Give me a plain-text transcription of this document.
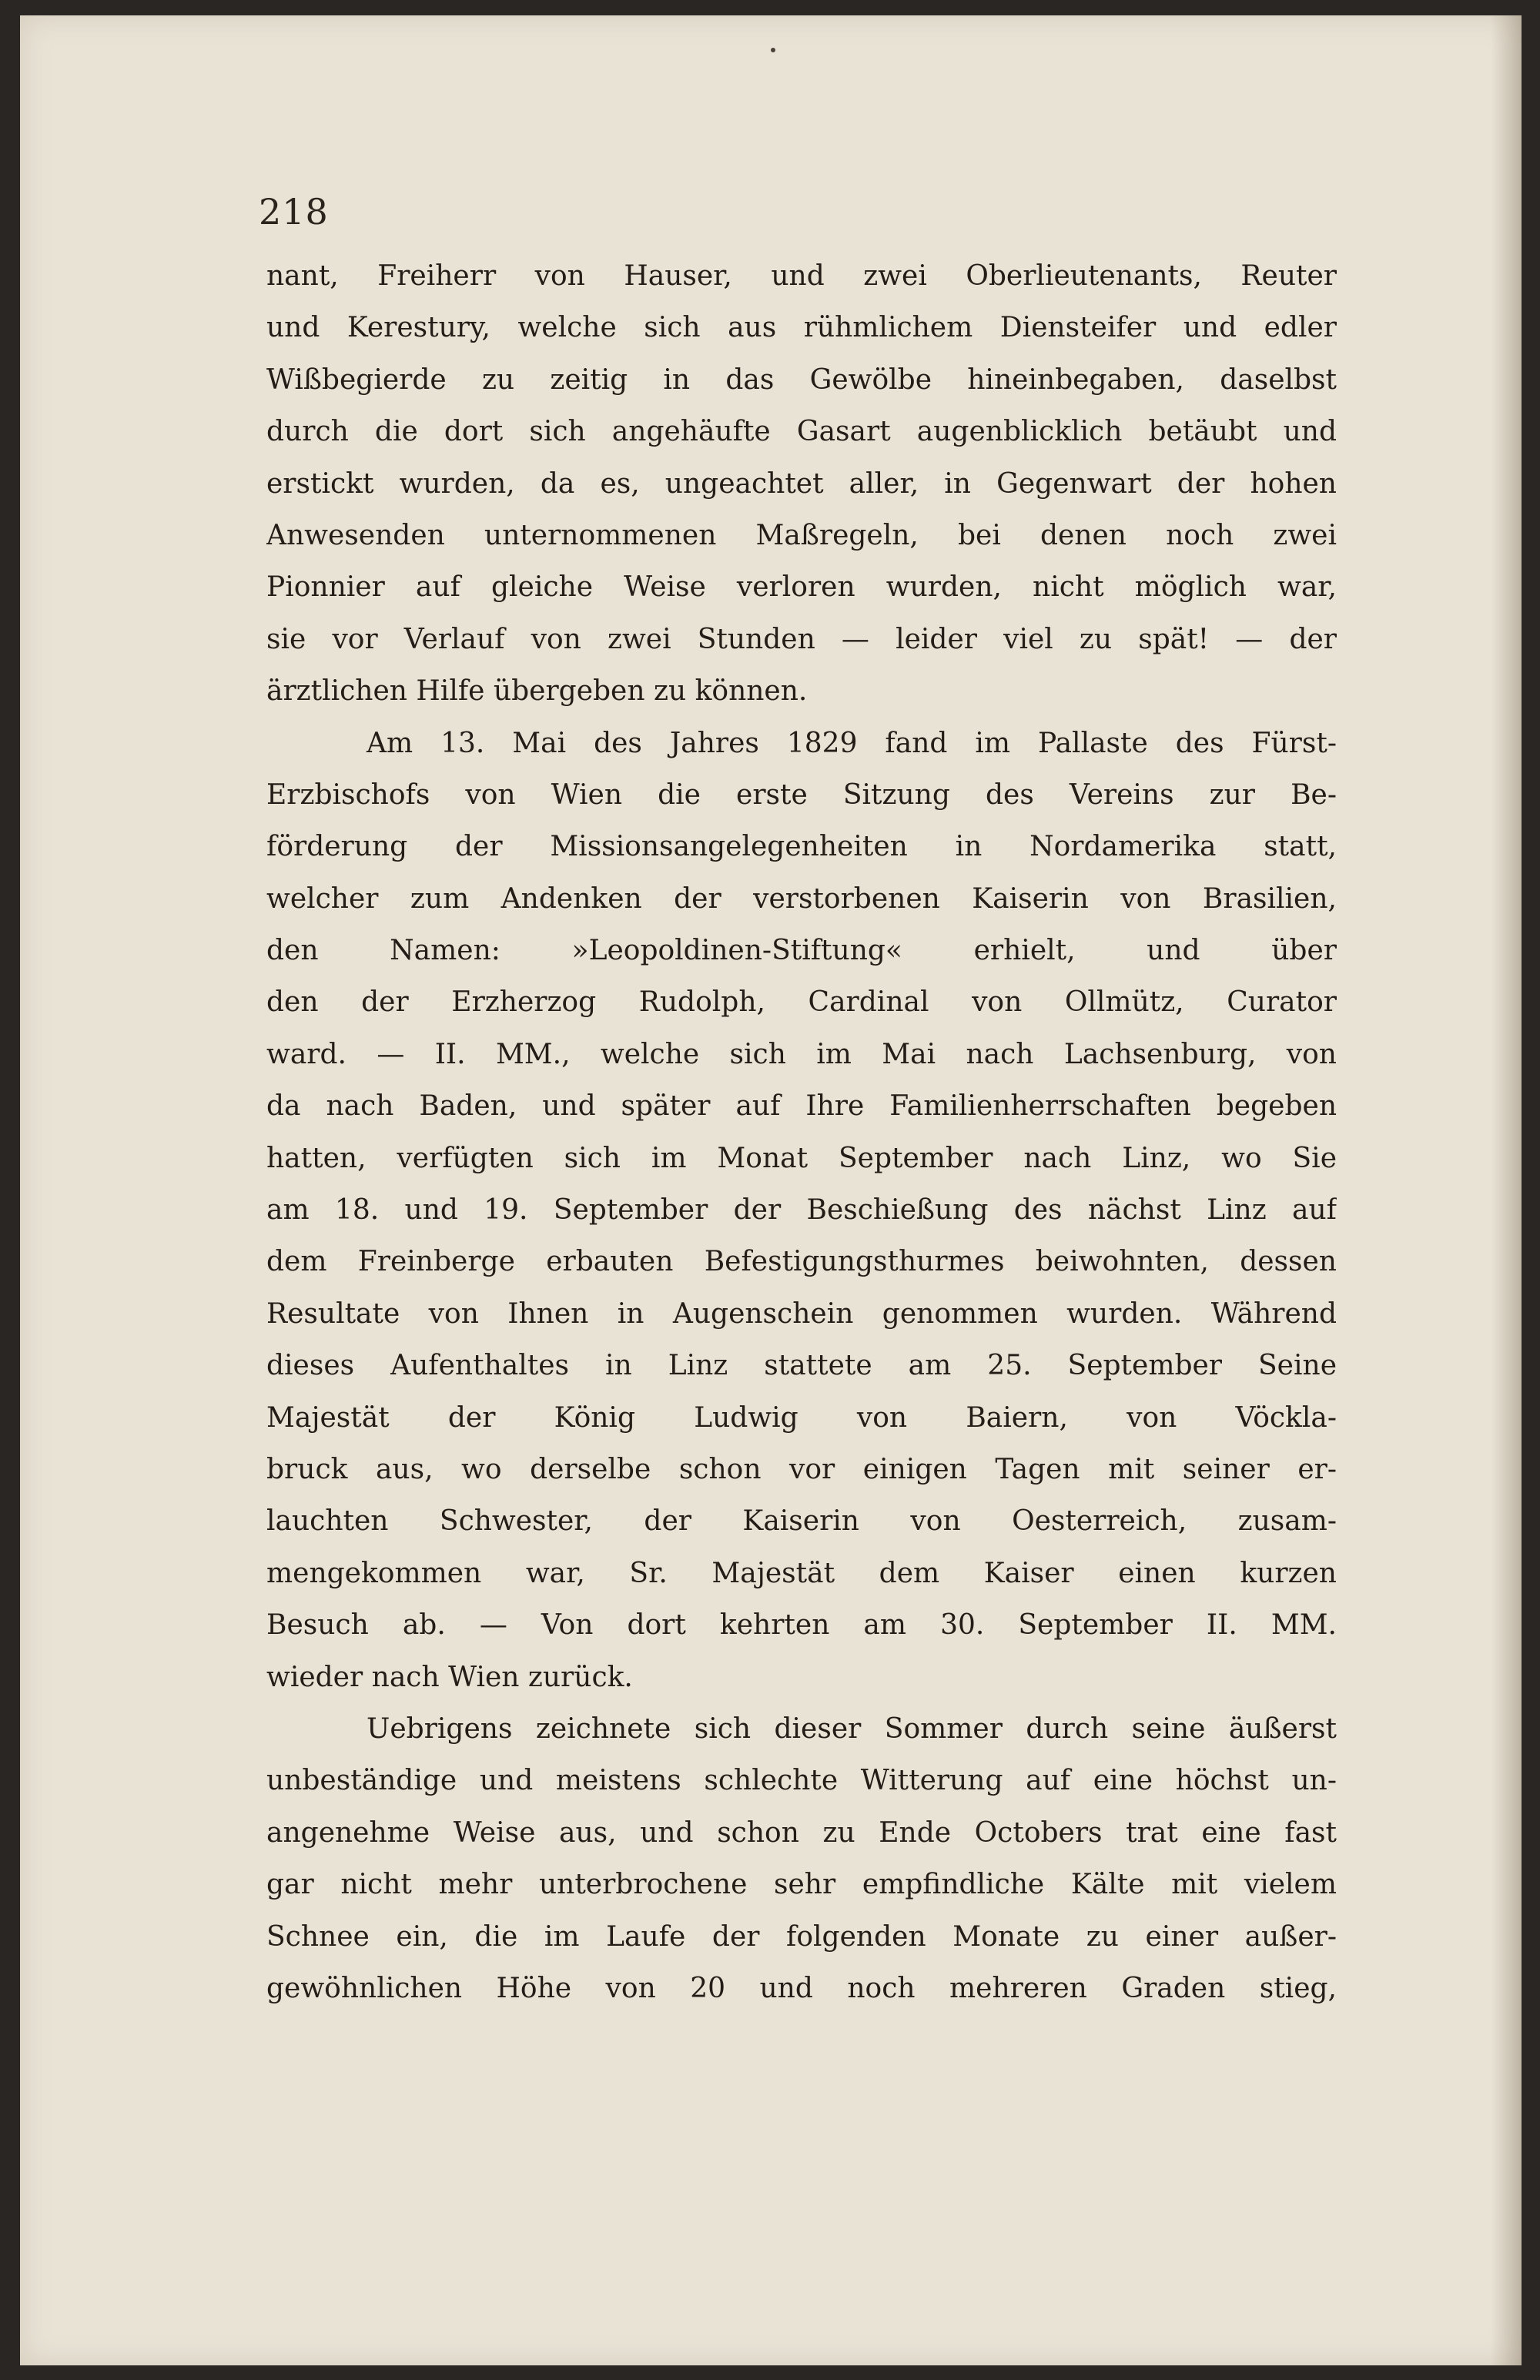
218
nant, Freiherr von Hauser, und zwei Oberlieutenants, Reuter
und Kerestury, welche sich aus rühmlichem Diensteifer und edler
Wißbegierde zu zeitig in das Gewölbe hineinbegaben, daselbst
durch die dort sich angehäufte Gasart augenblicklich betäubt und
erstickt wurden, da es, ungeachtet aller, in Gegenwart der hohen
Anwesenden unternommenen Maßregeln, bei denen noch zwei
Pionnier auf gleiche Weise verloren wurden, nicht möglich war,
sie vor Verlauf von zwei Stunden — leider viel zu spät! — der
ärztlichen Hilfe übergeben zu können.
Am 13. Mai des Jahres 1829 fand im Pallaste des Fürst-
Erzbischofs von Wien die erste Sitzung des Vereins zur Be-
förderung der Missionsangelegenheiten in Nordamerika statt,
welcher zum Andenken der verstorbenen Kaiserin von Brasilien,
den Namen: »Leopoldinen-Stiftung« erhielt, und über
den der Erzherzog Rudolph, Cardinal von Ollmütz, Curator
ward. — II. MM., welche sich im Mai nach Lachsenburg, von
da nach Baden, und später auf Ihre Familienherrschaften begeben
hatten, verfügten sich im Monat September nach Linz, wo Sie
am 18. und 19. September der Beschießung des nächst Linz auf
dem Freinberge erbauten Befestigungsthurmes beiwohnten, dessen
Resultate von Ihnen in Augenschein genommen wurden. Während
dieses Aufenthaltes in Linz stattete am 25. September Seine
Majestät der König Ludwig von Baiern, von Vöckla-
bruck aus, wo derselbe schon vor einigen Tagen mit seiner er-
lauchten Schwester, der Kaiserin von Oesterreich, zusam-
mengekommen war, Sr. Majestät dem Kaiser einen kurzen
Besuch ab. — Von dort kehrten am 30. September II. MM.
wieder nach Wien zurück.
Uebrigens zeichnete sich dieser Sommer durch seine äußerst
unbeständige und meistens schlechte Witterung auf eine höchst un-
angenehme Weise aus, und schon zu Ende Octobers trat eine fast
gar nicht mehr unterbrochene sehr empfindliche Kälte mit vielem
Schnee ein, die im Laufe der folgenden Monate zu einer außer-
gewöhnlichen Höhe von 20 und noch mehreren Graden stieg,
